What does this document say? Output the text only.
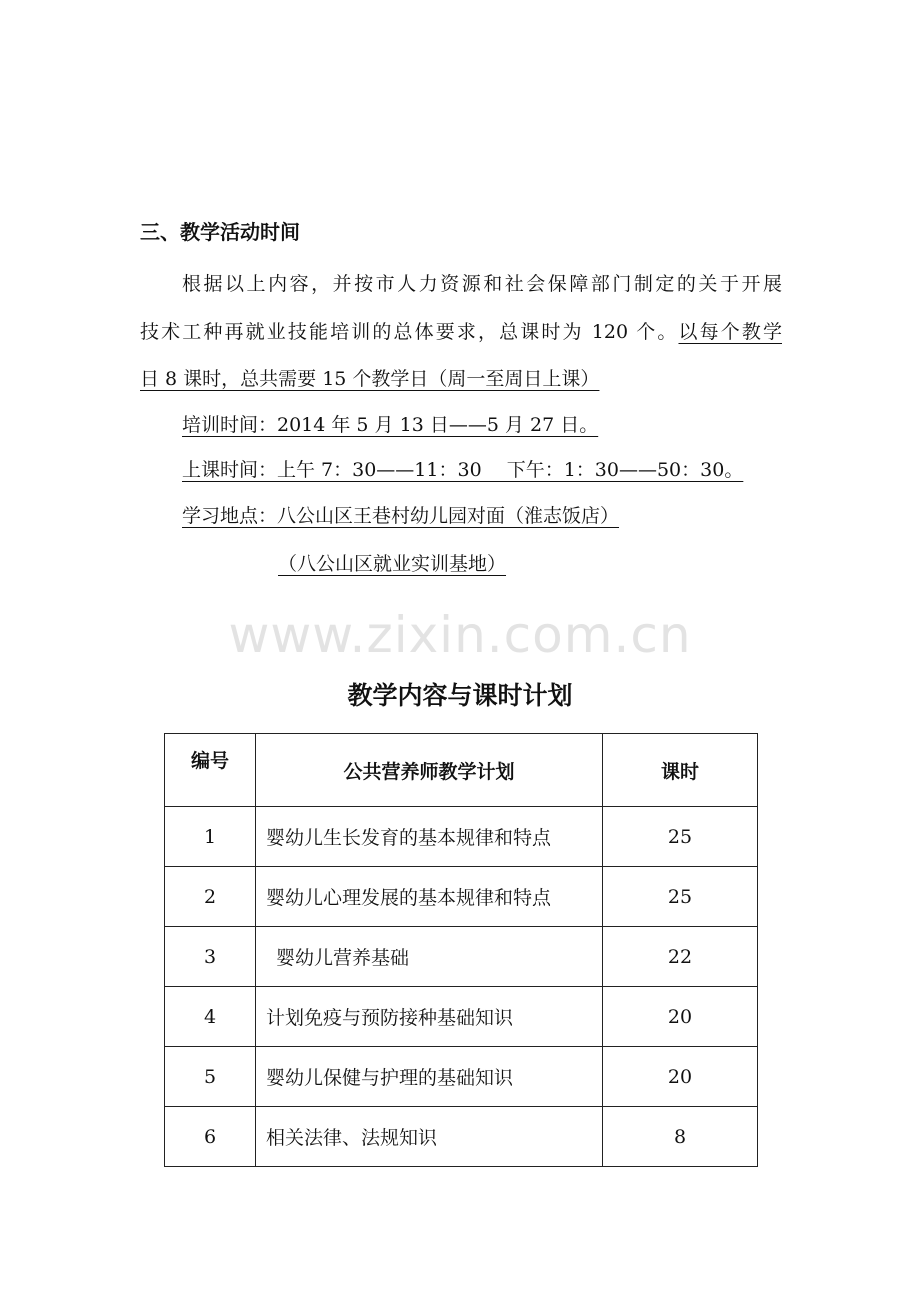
三、教学活动时间
根据以上内容，并按市人力资源和社会保障部门制定的关于开展
技术工种再就业技能培训的总体要求，总课时为 120 个。以每个教学
日 8 课时，总共需要 15 个教学日（周一至周日上课）
培训时间：2014 年 5 月 13 日——5 月 27 日。
上课时间：上午 7：30——11：30　 下午：1：30——50：30。
学习地点：八公山区王巷村幼儿园对面（淮志饭店）
（八公山区就业实训基地）
www.zixin.com.cn
教学内容与课时计划
编号	公共营养师教学计划	课时
1	婴幼儿生长发育的基本规律和特点	25
2	婴幼儿心理发展的基本规律和特点	25
3	婴幼儿营养基础	22
4	计划免疫与预防接种基础知识	20
5	婴幼儿保健与护理的基础知识	20
6	相关法律、法规知识	8
